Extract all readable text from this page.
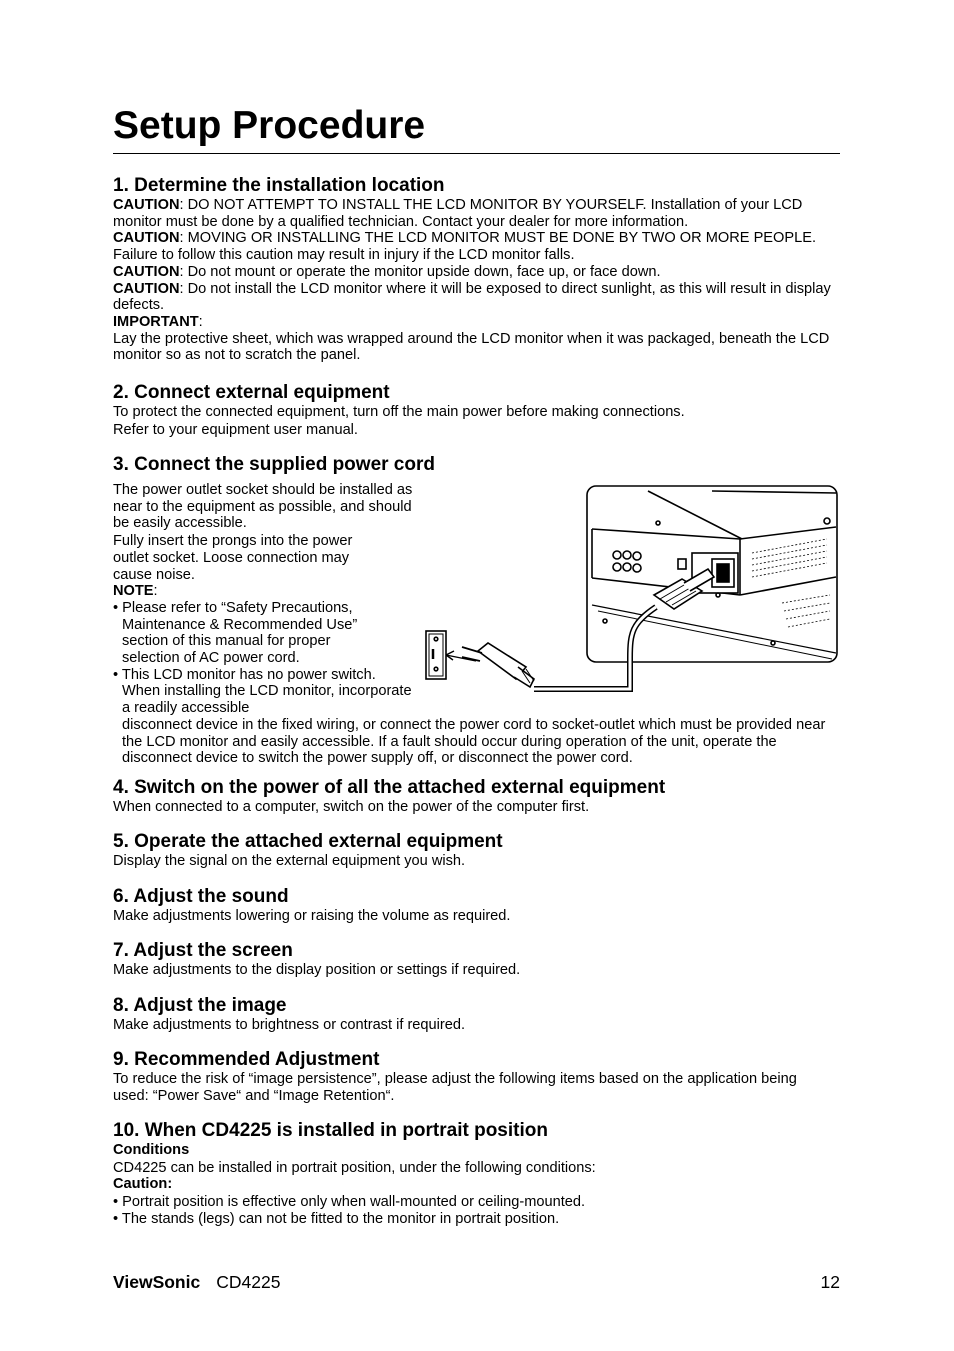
Setup Procedure
1. Determine the installation location

CAUTION: DO NOT ATTEMPT TO INSTALL THE LCD MONITOR BY YOURSELF. Installation of your LCD monitor must be done by a qualified technician. Contact your dealer for more information.

CAUTION: MOVING OR INSTALLING THE LCD MONITOR MUST BE DONE BY TWO OR MORE PEOPLE. Failure to follow this caution may result in injury if the LCD monitor falls.

CAUTION: Do not mount or operate the monitor upside down, face up, or face down.

CAUTION: Do not install the LCD monitor where it will be exposed to direct sunlight, as this will result in display defects.

IMPORTANT:

Lay the protective sheet, which was wrapped around the LCD monitor when it was packaged, beneath the LCD monitor so as not to scratch the panel.

2. Connect external equipment

To protect the connected equipment, turn off the main power before making connections.

Refer to your equipment user manual.

3. Connect the supplied power cord

The power outlet socket should be installed as near to the equipment as possible, and should be easily accessible.

Fully insert the prongs into the power outlet socket. Loose connection may cause noise.

NOTE:

• Please refer to “Safety Precautions, Maintenance & Recommended Use” section of this manual for proper selection of AC power cord.

• This LCD monitor has no power switch. When installing the LCD monitor, incorporate a readily accessible

disconnect device in the fixed wiring, or connect the power cord to socket-outlet which must be provided near the LCD monitor and easily accessible. If a fault should occur during operation of the unit, operate the disconnect device to switch the power supply off, or disconnect the power cord.

4. Switch on the power of all the attached external equipment

When connected to a computer, switch on the power of the computer first.

5. Operate the attached external equipment

Display the signal on the external equipment you wish.

6. Adjust the sound

Make adjustments lowering or raising the volume as required.

7. Adjust the screen

Make adjustments to the display position or settings if required.

8. Adjust the image

Make adjustments to brightness or contrast if required.

9. Recommended Adjustment

To reduce the risk of “image persistence”, please adjust the following items based on the application being used: “Power Save“ and “Image Retention“.

10. When CD4225 is installed in portrait position

Conditions

CD4225 can be installed in portrait position, under the following conditions:

Caution:

• Portrait position is effective only when wall-mounted or ceiling-mounted.

• The stands (legs) can not be fitted to the monitor in portrait position.

ViewSonic CD4225	12
